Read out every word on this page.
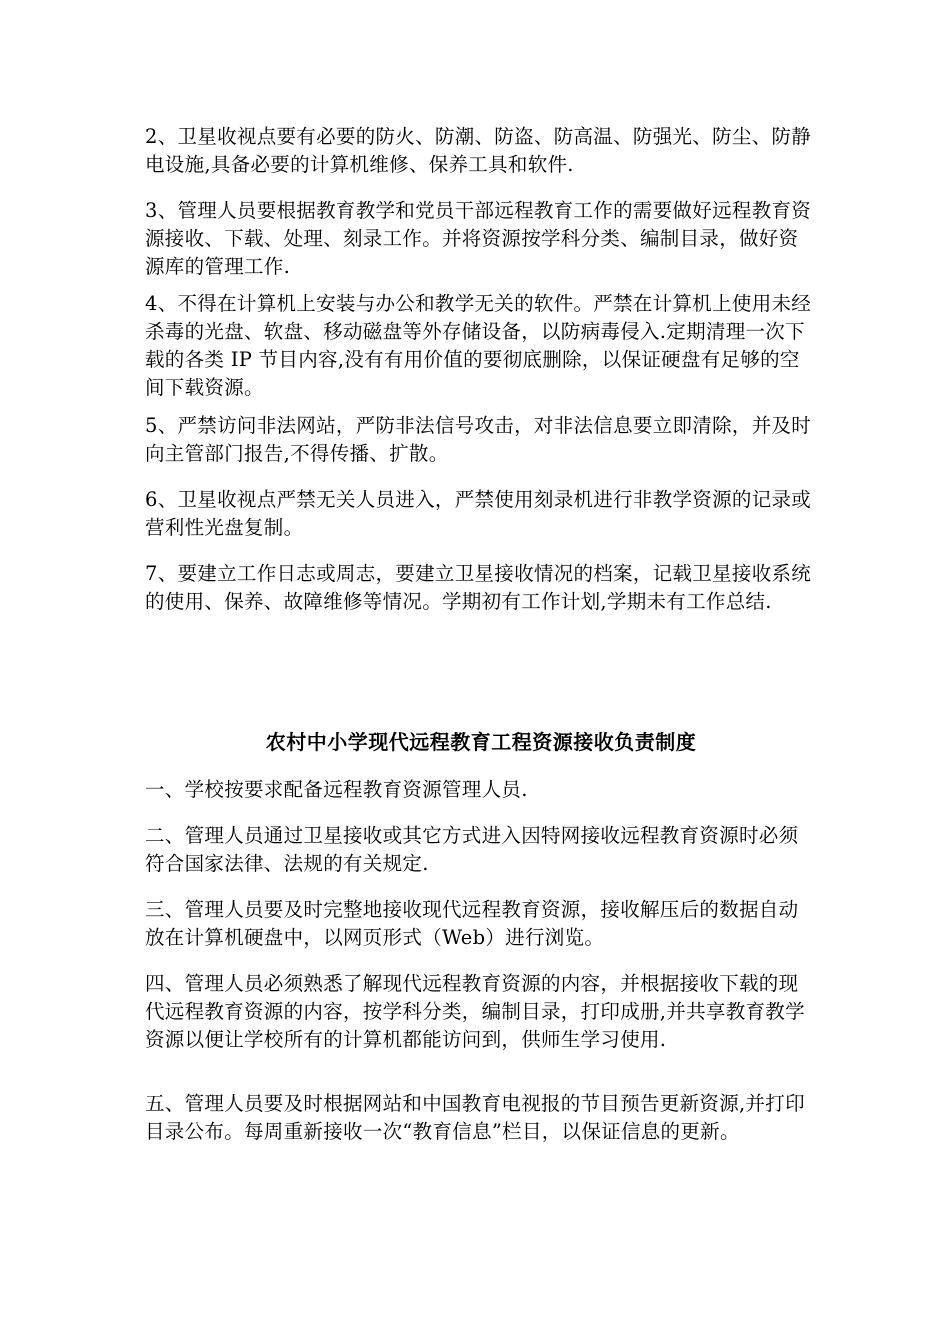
2、卫星收视点要有必要的防火、防潮、防盗、防高温、防强光、防尘、防静电设施,具备必要的计算机维修、保养工具和软件.

3、管理人员要根据教育教学和党员干部远程教育工作的需要做好远程教育资源接收、下载、处理、刻录工作。并将资源按学科分类、编制目录，做好资源库的管理工作.

4、不得在计算机上安装与办公和教学无关的软件。严禁在计算机上使用未经杀毒的光盘、软盘、移动磁盘等外存储设备，以防病毒侵入.定期清理一次下载的各类 IP 节目内容,没有有用价值的要彻底删除，以保证硬盘有足够的空间下载资源。

5、严禁访问非法网站，严防非法信号攻击，对非法信息要立即清除，并及时向主管部门报告,不得传播、扩散。

6、卫星收视点严禁无关人员进入，严禁使用刻录机进行非教学资源的记录或营利性光盘复制。

7、要建立工作日志或周志，要建立卫星接收情况的档案，记载卫星接收系统的使用、保养、故障维修等情况。学期初有工作计划,学期未有工作总结.

农村中小学现代远程教育工程资源接收负责制度

一、学校按要求配备远程教育资源管理人员.

二、管理人员通过卫星接收或其它方式进入因特网接收远程教育资源时必须符合国家法律、法规的有关规定.

三、管理人员要及时完整地接收现代远程教育资源，接收解压后的数据自动放在计算机硬盘中，以网页形式（Web）进行浏览。

四、管理人员必须熟悉了解现代远程教育资源的内容，并根据接收下载的现代远程教育资源的内容，按学科分类，编制目录，打印成册,并共享教育教学资源以便让学校所有的计算机都能访问到，供师生学习使用.

五、管理人员要及时根据网站和中国教育电视报的节目预告更新资源,并打印目录公布。每周重新接收一次“教育信息”栏目，以保证信息的更新。
